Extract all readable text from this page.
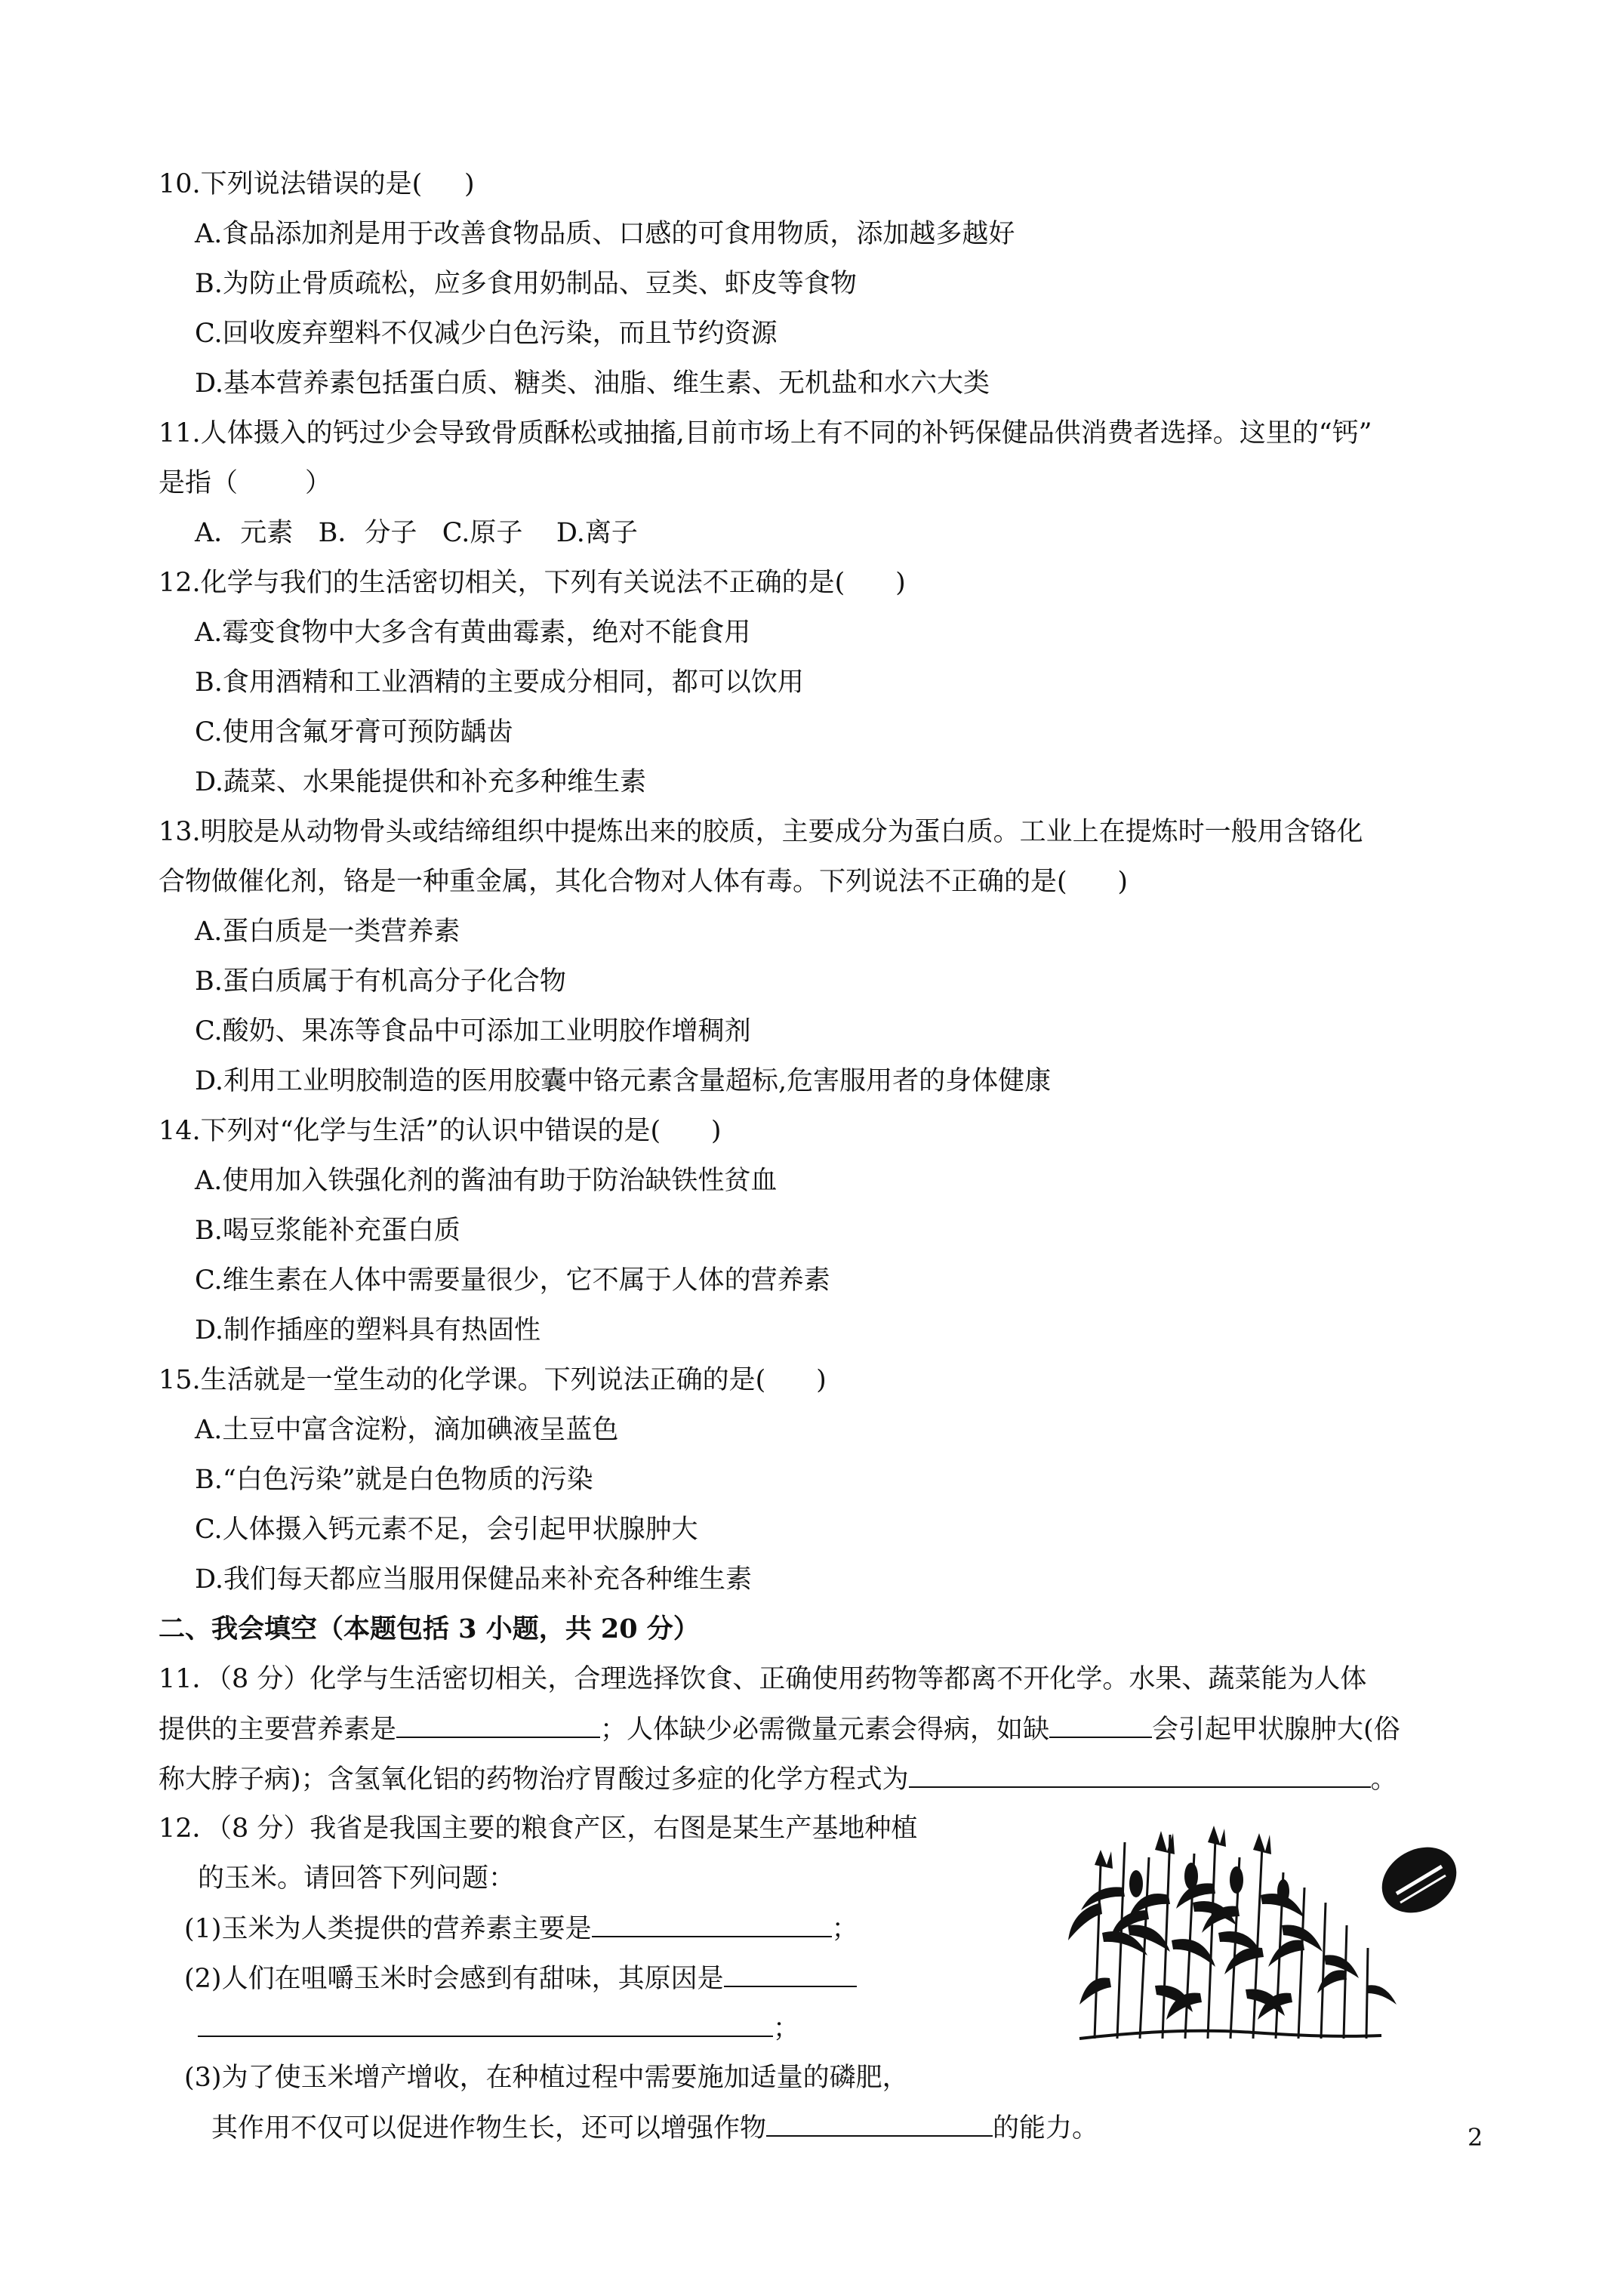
10.下列说法错误的是(     )
A.食品添加剂是用于改善食物品质、口感的可食用物质，添加越多越好
B.为防止骨质疏松，应多食用奶制品、豆类、虾皮等食物
C.回收废弃塑料不仅减少白色污染，而且节约资源
D.基本营养素包括蛋白质、糖类、油脂、维生素、无机盐和水六大类
11.人体摄入的钙过少会导致骨质酥松或抽搐,目前市场上有不同的补钙保健品供消费者选择。这里的“钙”
是指（        ）
A．元素   B．分子   C.原子    D.离子
12.化学与我们的生活密切相关，下列有关说法不正确的是(      )
A.霉变食物中大多含有黄曲霉素，绝对不能食用
B.食用酒精和工业酒精的主要成分相同，都可以饮用
C.使用含氟牙膏可预防龋齿
D.蔬菜、水果能提供和补充多种维生素
13.明胶是从动物骨头或结缔组织中提炼出来的胶质，主要成分为蛋白质。工业上在提炼时一般用含铬化
合物做催化剂，铬是一种重金属，其化合物对人体有毒。下列说法不正确的是(      )
A.蛋白质是一类营养素
B.蛋白质属于有机高分子化合物
C.酸奶、果冻等食品中可添加工业明胶作增稠剂
D.利用工业明胶制造的医用胶囊中铬元素含量超标,危害服用者的身体健康
14.下列对“化学与生活”的认识中错误的是(      )
A.使用加入铁强化剂的酱油有助于防治缺铁性贫血
B.喝豆浆能补充蛋白质
C.维生素在人体中需要量很少，它不属于人体的营养素
D.制作插座的塑料具有热固性
15.生活就是一堂生动的化学课。下列说法正确的是(      )
A.土豆中富含淀粉，滴加碘液呈蓝色
B.“白色污染”就是白色物质的污染
C.人体摄入钙元素不足，会引起甲状腺肿大
D.我们每天都应当服用保健品来补充各种维生素
二、我会填空（本题包括 3 小题，共 20 分）
11．（8 分）化学与生活密切相关，合理选择饮食、正确使用药物等都离不开化学。水果、蔬菜能为人体
提供的主要营养素是	；人体缺少必需微量元素会得病，如缺	会引起甲状腺肿大(俗
称大脖子病)；含氢氧化铝的药物治疗胃酸过多症的化学方程式为	。
12．（8 分）我省是我国主要的粮食产区，右图是某生产基地种植
的玉米。请回答下列问题：
(1)玉米为人类提供的营养素主要是	；
(2)人们在咀嚼玉米时会感到有甜味，其原因是
；
(3)为了使玉米增产增收，在种植过程中需要施加适量的磷肥，
其作用不仅可以促进作物生长，还可以增强作物	的能力。	2
